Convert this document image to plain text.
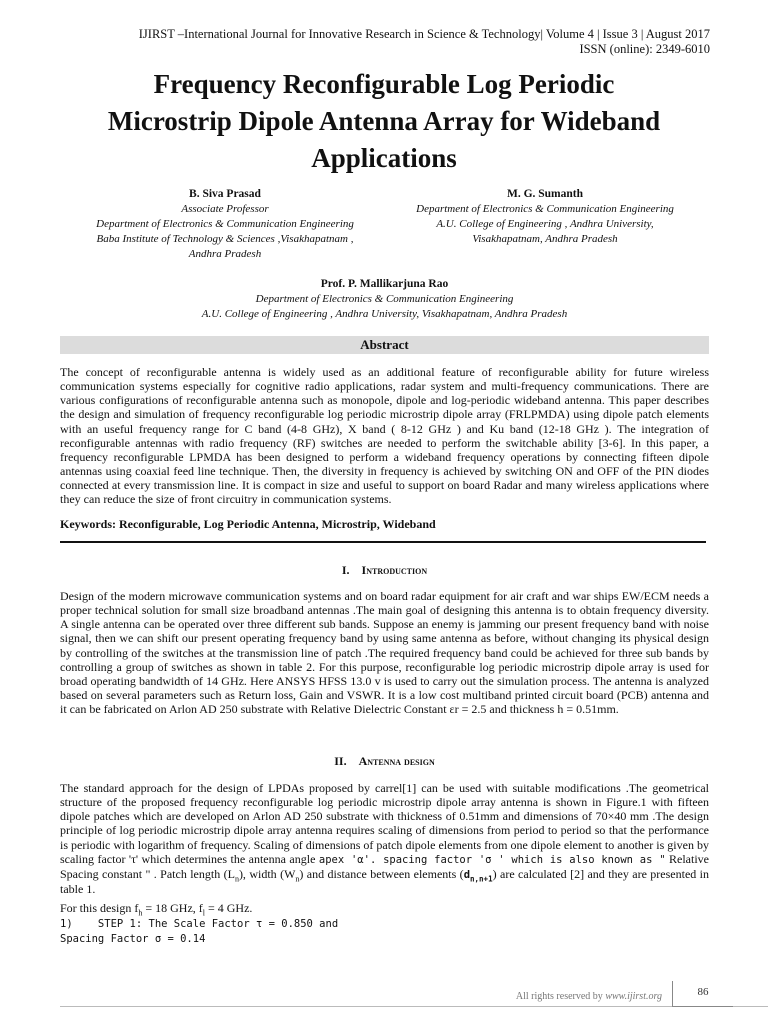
IJIRST –International Journal for Innovative Research in Science & Technology| Volume 4 | Issue 3 | August 2017
ISSN (online): 2349-6010
Frequency Reconfigurable Log Periodic
Microstrip Dipole Antenna Array for Wideband
Applications
B. Siva Prasad
Associate Professor
Department of Electronics & Communication Engineering
Baba Institute of Technology & Sciences ,Visakhapatnam ,
Andhra Pradesh
M. G. Sumanth
Department of Electronics & Communication Engineering
A.U. College of Engineering , Andhra University,
Visakhapatnam, Andhra Pradesh
Prof. P. Mallikarjuna Rao
Department of Electronics & Communication Engineering
A.U. College of Engineering , Andhra University, Visakhapatnam, Andhra Pradesh
Abstract
The concept of reconfigurable antenna is widely used as an additional feature of reconfigurable ability for future wireless communication systems especially for cognitive radio applications, radar system and multi-frequency communications. There are various configurations of reconfigurable antenna such as monopole, dipole and log-periodic wideband antenna. This paper describes the design and simulation of frequency reconfigurable log periodic microstrip dipole array (FRLPMDA) using dipole patch elements with an useful frequency range for C band (4-8 GHz), X band ( 8-12 GHz ) and Ku band (12-18 GHz ). The integration of reconfigurable antennas with radio frequency (RF) switches are needed to perform the switchable ability [3-6]. In this paper, a frequency reconfigurable LPMDA has been designed to perform a wideband frequency operations by connecting fifteen dipole antennas using coaxial feed line technique. Then, the diversity in frequency is achieved by switching ON and OFF of the PIN diodes connected at every transmission line. It is compact in size and useful to support on board Radar and many wireless applications where they can reduce the size of front circuitry in communication systems.
Keywords: Reconfigurable, Log Periodic Antenna, Microstrip, Wideband
I. Introduction
Design of the modern microwave communication systems and on board radar equipment for air craft and war ships EW/ECM needs a proper technical solution for small size broadband antennas .The main goal of designing this antenna is to obtain frequency diversity. A single antenna can be operated over three different sub bands. Suppose an enemy is jamming our present frequency band with noise signal, then we can shift our present operating frequency band by using same antenna as before, without changing its physical design by controlling of the switches at the transmission line of patch .The required frequency band could be achieved for three sub bands by controlling a group of switches as shown in table 2. For this purpose, reconfigurable log periodic microstrip dipole array is used for broad operating bandwidth of 14 GHz. Here ANSYS HFSS 13.0 v is used to carry out the simulation process. The antenna is analyzed based on several parameters such as Return loss, Gain and VSWR. It is a low cost multiband printed circuit board (PCB) antenna and it can be fabricated on Arlon AD 250 substrate with Relative Dielectric Constant εr = 2.5 and thickness h = 0.51mm.
II. Antenna design
The standard approach for the design of LPDAs proposed by carrel[1] can be used with suitable modifications .The geometrical structure of the proposed frequency reconfigurable log periodic microstrip dipole array antenna is shown in Figure.1 with fifteen dipole patches which are developed on Arlon AD 250 substrate with thickness of 0.51mm and dimensions of 70×40 mm .The design principle of log periodic microstrip dipole array antenna requires scaling of dimensions from period to period so that the performance is periodic with logarithm of frequency. Scaling of dimensions of patch dipole elements from one dipole element to another is given by scaling factor 'τ' which determines the antenna angle apex 'α'. spacing factor 'σ ' which is also known as " Relative Spacing constant " . Patch length $(L_n)$, width $(W_n)$ and distance between elements $(d_{n,n+1})$ are calculated [2] and they are presented in table 1.
For this design $f_h = 18$ GHz, $f_l = 4$ GHz.
1)    STEP 1: The Scale Factor τ = 0.850 and
Spacing Factor σ = 0.14
All rights reserved by www.ijirst.org	86
